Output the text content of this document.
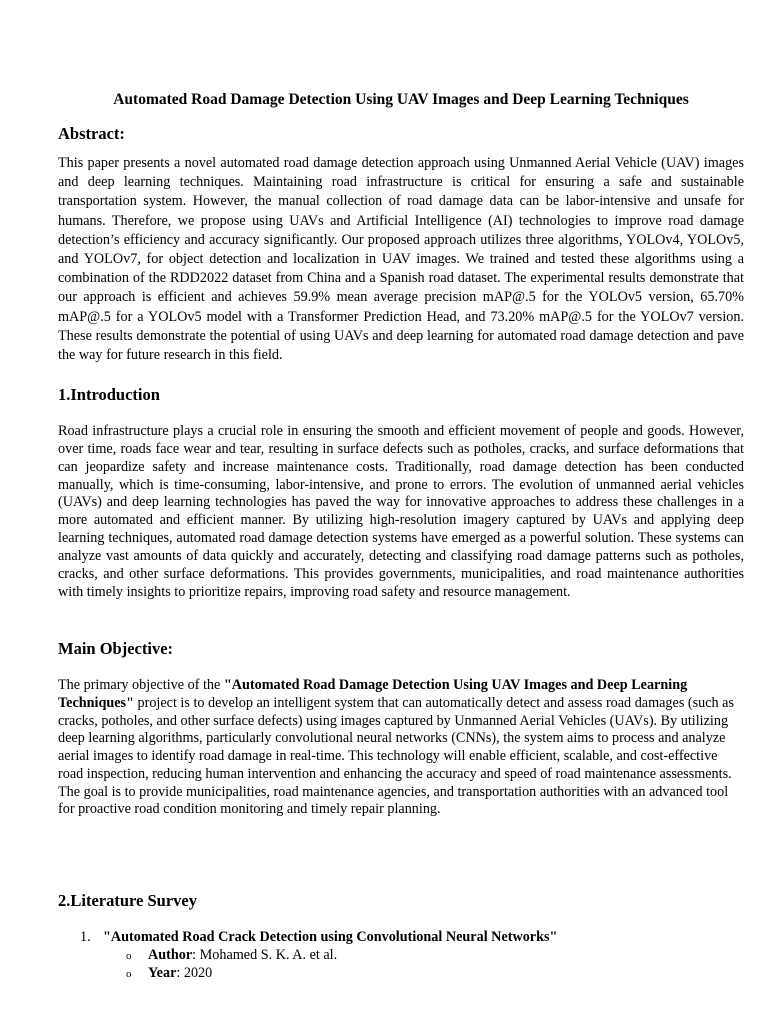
Automated Road Damage Detection Using UAV Images and Deep Learning Techniques
Abstract:

This paper presents a novel automated road damage detection approach using Unmanned Aerial Vehicle (UAV) images and deep learning techniques. Maintaining road infrastructure is critical for ensuring a safe and sustainable transportation system. However, the manual collection of road damage data can be labor-intensive and unsafe for humans. Therefore, we propose using UAVs and Artificial Intelligence (AI) technologies to improve road damage detection’s efficiency and accuracy significantly. Our proposed approach utilizes three algorithms, YOLOv4, YOLOv5, and YOLOv7, for object detection and localization in UAV images. We trained and tested these algorithms using a combination of the RDD2022 dataset from China and a Spanish road dataset. The experimental results demonstrate that our approach is efficient and achieves 59.9% mean average precision mAP@.5 for the YOLOv5 version, 65.70% mAP@.5 for a YOLOv5 model with a Transformer Prediction Head, and 73.20% mAP@.5 for the YOLOv7 version. These results demonstrate the potential of using UAVs and deep learning for automated road damage detection and pave the way for future research in this field.

1.Introduction

Road infrastructure plays a crucial role in ensuring the smooth and efficient movement of people and goods. However, over time, roads face wear and tear, resulting in surface defects such as potholes, cracks, and surface deformations that can jeopardize safety and increase maintenance costs. Traditionally, road damage detection has been conducted manually, which is time-consuming, labor-intensive, and prone to errors. The evolution of unmanned aerial vehicles (UAVs) and deep learning technologies has paved the way for innovative approaches to address these challenges in a more automated and efficient manner. By utilizing high-resolution imagery captured by UAVs and applying deep learning techniques, automated road damage detection systems have emerged as a powerful solution. These systems can analyze vast amounts of data quickly and accurately, detecting and classifying road damage patterns such as potholes, cracks, and other surface deformations. This provides governments, municipalities, and road maintenance authorities with timely insights to prioritize repairs, improving road safety and resource management.

Main Objective:

The primary objective of the "Automated Road Damage Detection Using UAV Images and Deep Learning Techniques" project is to develop an intelligent system that can automatically detect and assess road damages (such as cracks, potholes, and other surface defects) using images captured by Unmanned Aerial Vehicles (UAVs). By utilizing deep learning algorithms, particularly convolutional neural networks (CNNs), the system aims to process and analyze aerial images to identify road damage in real-time. This technology will enable efficient, scalable, and cost-effective road inspection, reducing human intervention and enhancing the accuracy and speed of road maintenance assessments. The goal is to provide municipalities, road maintenance agencies, and transportation authorities with an advanced tool for proactive road condition monitoring and timely repair planning.

2.Literature Survey
1. "Automated Road Crack Detection using Convolutional Neural Networks"
o Author: Mohamed S. K. A. et al.
o Year: 2020
